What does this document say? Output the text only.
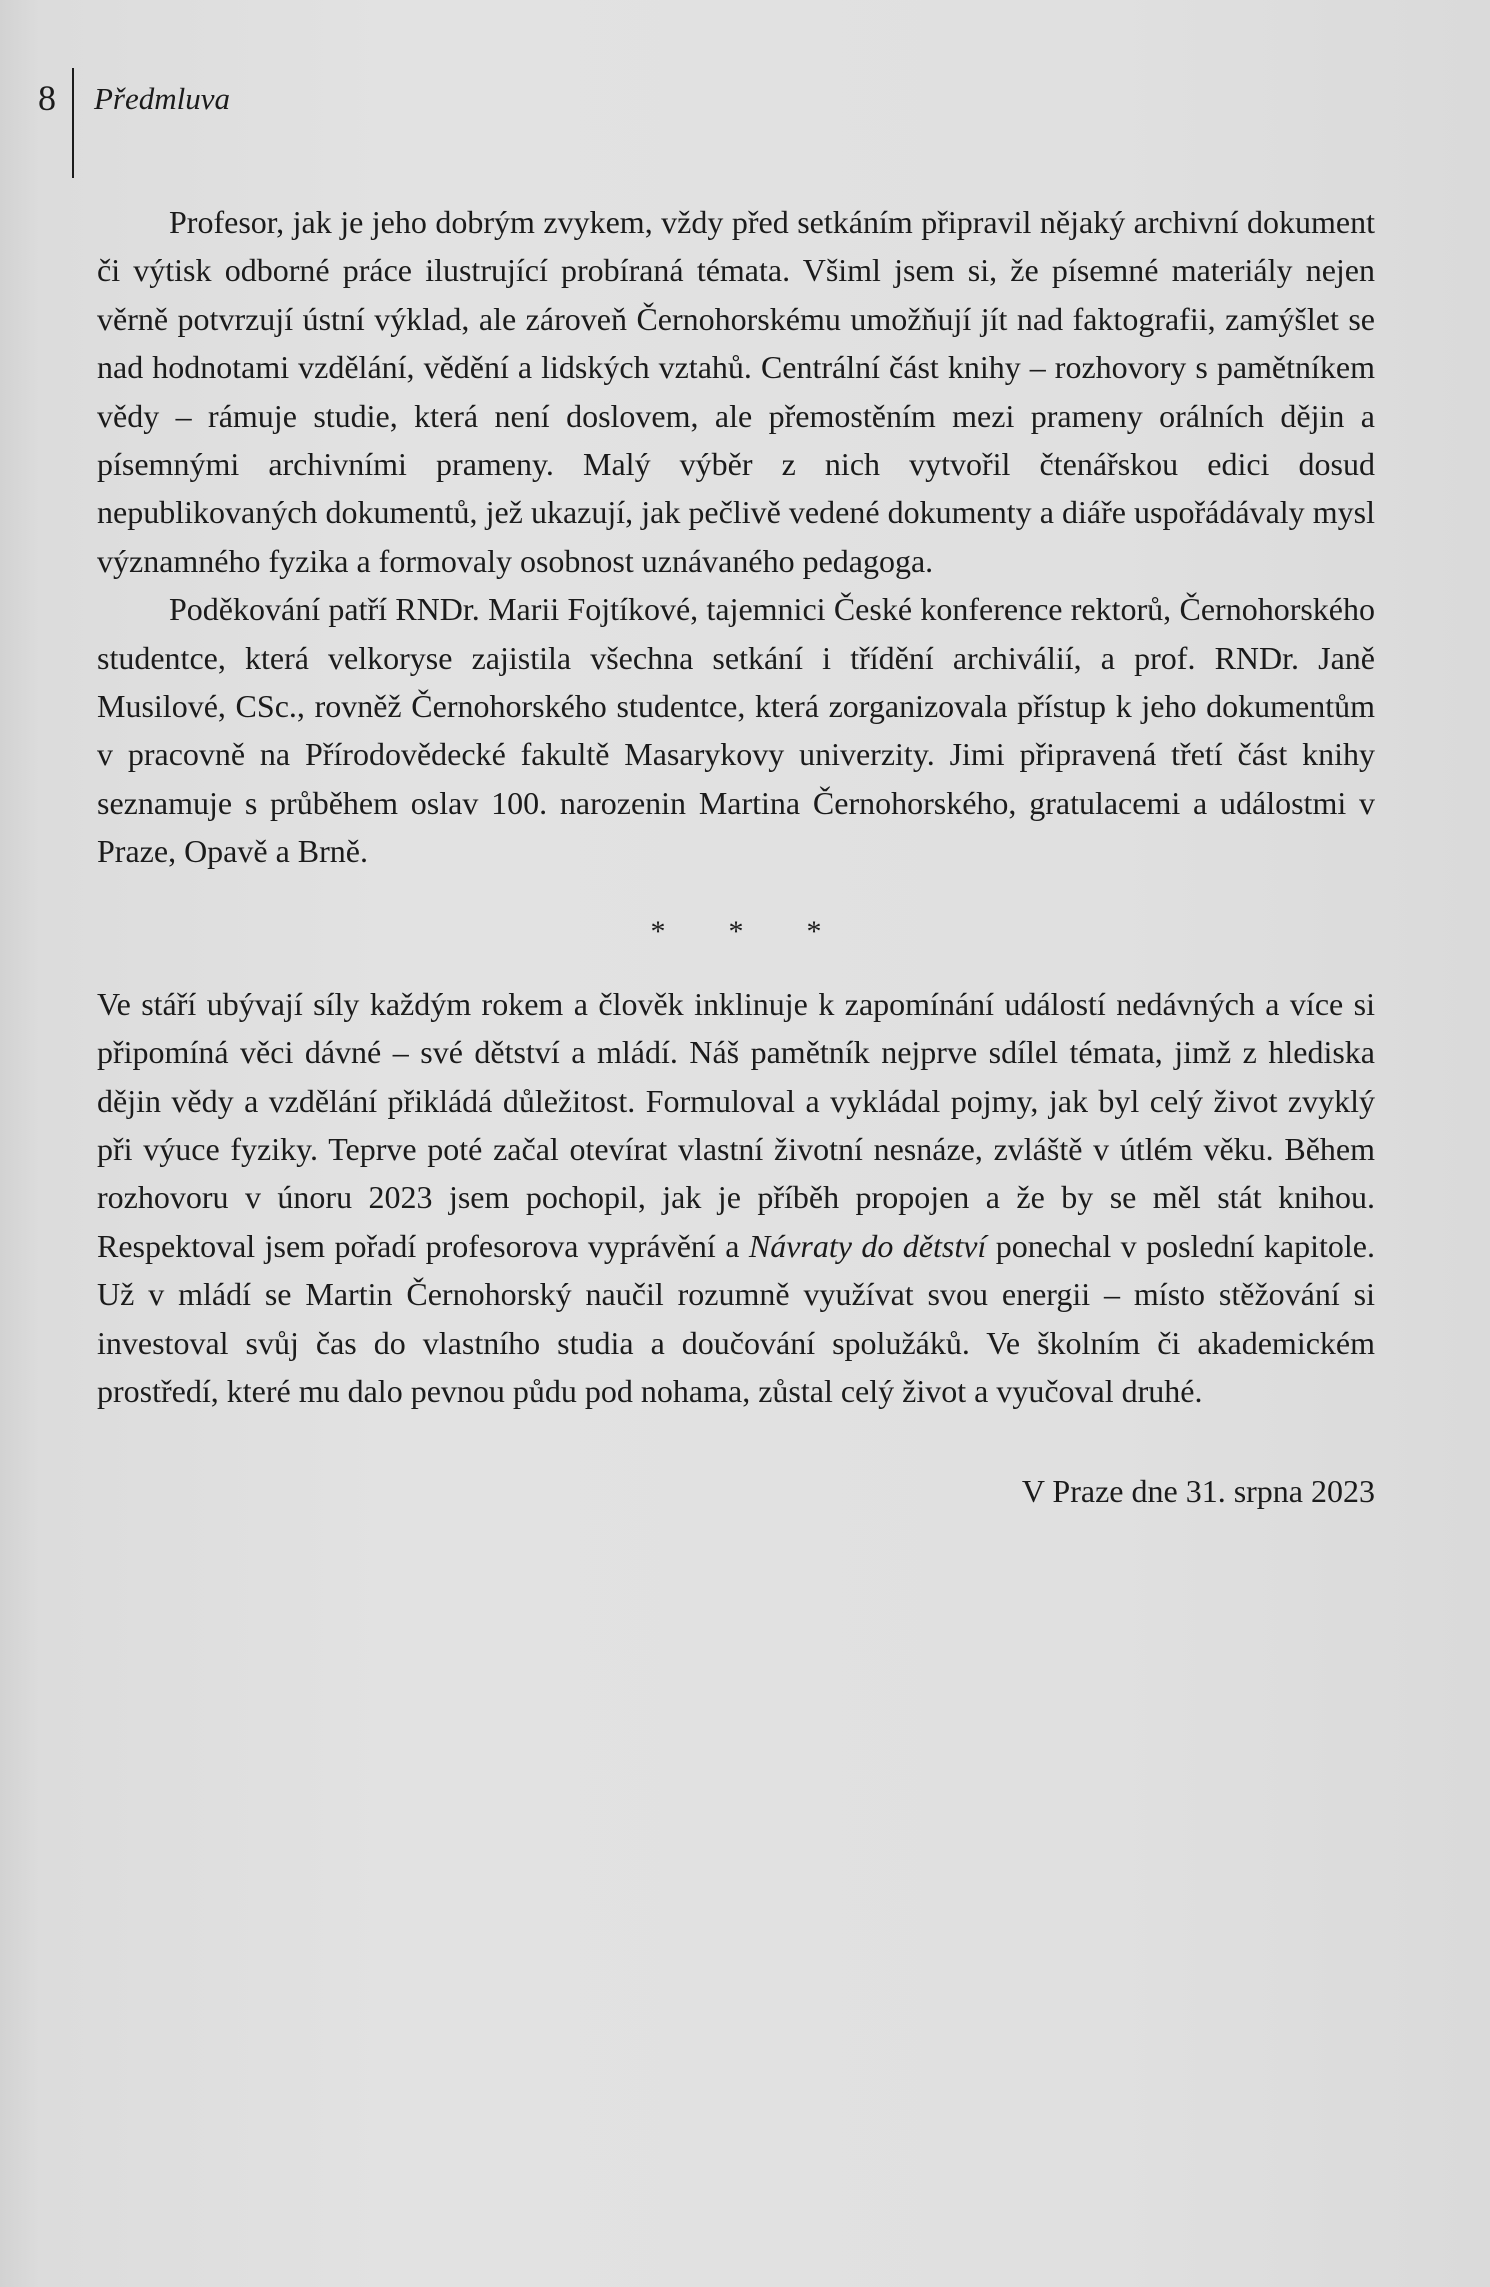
8 Předmluva

Profesor, jak je jeho dobrým zvykem, vždy před setkáním připravil nějaký archivní dokument či výtisk odborné práce ilustrující probíraná témata. Všiml jsem si, že písemné materiály nejen věrně potvrzují ústní výklad, ale zároveň Černohorskému umožňují jít nad faktografii, zamýšlet se nad hodnotami vzdělání, vědění a lidských vztahů. Centrální část knihy – rozhovory s pamětníkem vědy – rámuje studie, která není doslovem, ale přemostěním mezi prameny orálních dějin a písemnými archivními prameny. Malý výběr z nich vytvořil čtenářskou edici dosud nepublikovaných dokumentů, jež ukazují, jak pečlivě vedené dokumenty a diáře uspořádávaly mysl významného fyzika a formovaly osobnost uznávaného pedagoga.

Poděkování patří RNDr. Marii Fojtíkové, tajemnici České konference rektorů, Černohorského studentce, která velkoryse zajistila všechna setkání i třídění archiválií, a prof. RNDr. Janě Musilové, CSc., rovněž Černohorského studentce, která zorganizovala přístup k jeho dokumentům v pracovně na Přírodovědecké fakultě Masarykovy univerzity. Jimi připravená třetí část knihy seznamuje s průběhem oslav 100. narozenin Martina Černohorského, gratulacemi a událostmi v Praze, Opavě a Brně.

* * *

Ve stáří ubývají síly každým rokem a člověk inklinuje k zapomínání událostí nedávných a více si připomíná věci dávné – své dětství a mládí. Náš pamětník nejprve sdílel témata, jimž z hlediska dějin vědy a vzdělání přikládá důležitost. Formuloval a vykládal pojmy, jak byl celý život zvyklý při výuce fyziky. Teprve poté začal otevírat vlastní životní nesnáze, zvláště v útlém věku. Během rozhovoru v únoru 2023 jsem pochopil, jak je příběh propojen a že by se měl stát knihou. Respektoval jsem pořadí profesorova vyprávění a Návraty do dětství ponechal v poslední kapitole. Už v mládí se Martin Černohorský naučil rozumně využívat svou energii – místo stěžování si investoval svůj čas do vlastního studia a doučování spolužáků. Ve školním či akademickém prostředí, které mu dalo pevnou půdu pod nohama, zůstal celý život a vyučoval druhé.

V Praze dne 31. srpna 2023
